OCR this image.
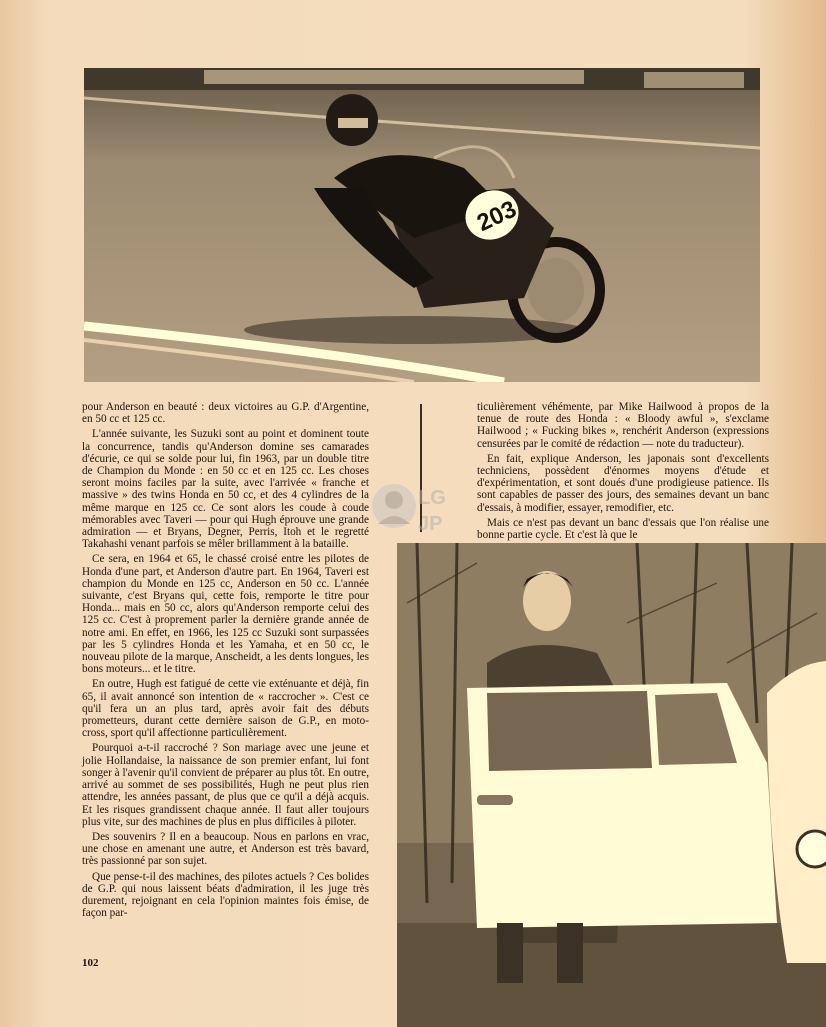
203

pour Anderson en beauté : deux victoires au G.P. d'Argentine, en 50 cc et 125 cc.

L'année suivante, les Suzuki sont au point et dominent toute la concurrence, tandis qu'Anderson domine ses camarades d'écurie, ce qui se solde pour lui, fin 1963, par un double titre de Champion du Monde : en 50 cc et en 125 cc. Les choses seront moins faciles par la suite, avec l'arrivée « franche et massive » des twins Honda en 50 cc, et des 4 cylindres de la même marque en 125 cc. Ce sont alors les coude à coude mémorables avec Taveri — pour qui Hugh éprouve une grande admiration — et Bryans, Degner, Perris, Itoh et le regretté Takahashi venant parfois se mêler brillamment à la bataille.

Ce sera, en 1964 et 65, le chassé croisé entre les pilotes de Honda d'une part, et Anderson d'autre part. En 1964, Taveri est champion du Monde en 125 cc, Anderson en 50 cc. L'année suivante, c'est Bryans qui, cette fois, remporte le titre pour Honda... mais en 50 cc, alors qu'Anderson remporte celui des 125 cc. C'est à proprement parler la dernière grande année de notre ami. En effet, en 1966, les 125 cc Suzuki sont surpassées par les 5 cylindres Honda et les Yamaha, et en 50 cc, le nouveau pilote de la marque, Anscheidt, a les dents longues, les bons moteurs... et le titre.

En outre, Hugh est fatigué de cette vie exténuante et déjà, fin 65, il avait annoncé son intention de « raccrocher ». C'est ce qu'il fera un an plus tard, après avoir fait des débuts prometteurs, durant cette dernière saison de G.P., en moto-cross, sport qu'il affectionne particulièrement.

Pourquoi a-t-il raccroché ? Son mariage avec une jeune et jolie Hollandaise, la naissance de son premier enfant, lui font songer à l'avenir qu'il convient de préparer au plus tôt. En outre, arrivé au sommet de ses possibilités, Hugh ne peut plus rien attendre, les années passant, de plus que ce qu'il a déjà acquis. Et les risques grandissent chaque année. Il faut aller toujours plus vite, sur des machines de plus en plus difficiles à piloter.

Des souvenirs ? Il en a beaucoup. Nous en parlons en vrac, une chose en amenant une autre, et Anderson est très bavard, très passionné par son sujet.

Que pense-t-il des machines, des pilotes actuels ? Ces bolides de G.P. qui nous laissent béats d'admiration, il les juge très durement, rejoignant en cela l'opinion maintes fois émise, de façon par-

LG
JP

ticulièrement véhémente, par Mike Hailwood à propos de la tenue de route des Honda : « Bloody awful », s'exclame Hailwood ; « Fucking bikes », renchérit Anderson (expressions censurées par le comité de rédaction — note du traducteur).

En fait, explique Anderson, les japonais sont d'excellents techniciens, possèdent d'énormes moyens d'étude et d'expérimentation, et sont doués d'une prodigieuse patience. Ils sont capables de passer des jours, des semaines devant un banc d'essais, à modifier, essayer, remodifier, etc.

Mais ce n'est pas devant un banc d'essais que l'on réalise une bonne partie cycle. Et c'est là que le

102
